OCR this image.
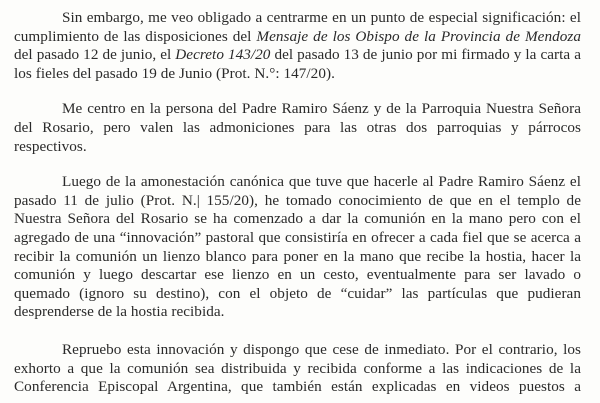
Sin embargo, me veo obligado a centrarme en un punto de especial significación: el cumplimiento de las disposiciones del Mensaje de los Obispo de la Provincia de Mendoza del pasado 12 de junio, el Decreto 143/20 del pasado 13 de junio por mi firmado y la carta a los fieles del pasado 19 de Junio (Prot. N.°: 147/20).

Me centro en la persona del Padre Ramiro Sáenz y de la Parroquia Nuestra Señora del Rosario, pero valen las admoniciones para las otras dos parroquias y párrocos respectivos.

Luego de la amonestación canónica que tuve que hacerle al Padre Ramiro Sáenz el pasado 11 de julio (Prot. N.| 155/20), he tomado conocimiento de que en el templo de Nuestra Señora del Rosario se ha comenzado a dar la comunión en la mano pero con el agregado de una “innovación” pastoral que consistiría en ofrecer a cada fiel que se acerca a recibir la comunión un lienzo blanco para poner en la mano que recibe la hostia, hacer la comunión y luego descartar ese lienzo en un cesto, eventualmente para ser lavado o quemado (ignoro su destino), con el objeto de “cuidar” las partículas que pudieran desprenderse de la hostia recibida.

Repruebo esta innovación y dispongo que cese de inmediato. Por el contrario, los exhorto a que la comunión sea distribuida y recibida conforme a las indicaciones de la Conferencia Episcopal Argentina, que también están explicadas en videos puestos a
